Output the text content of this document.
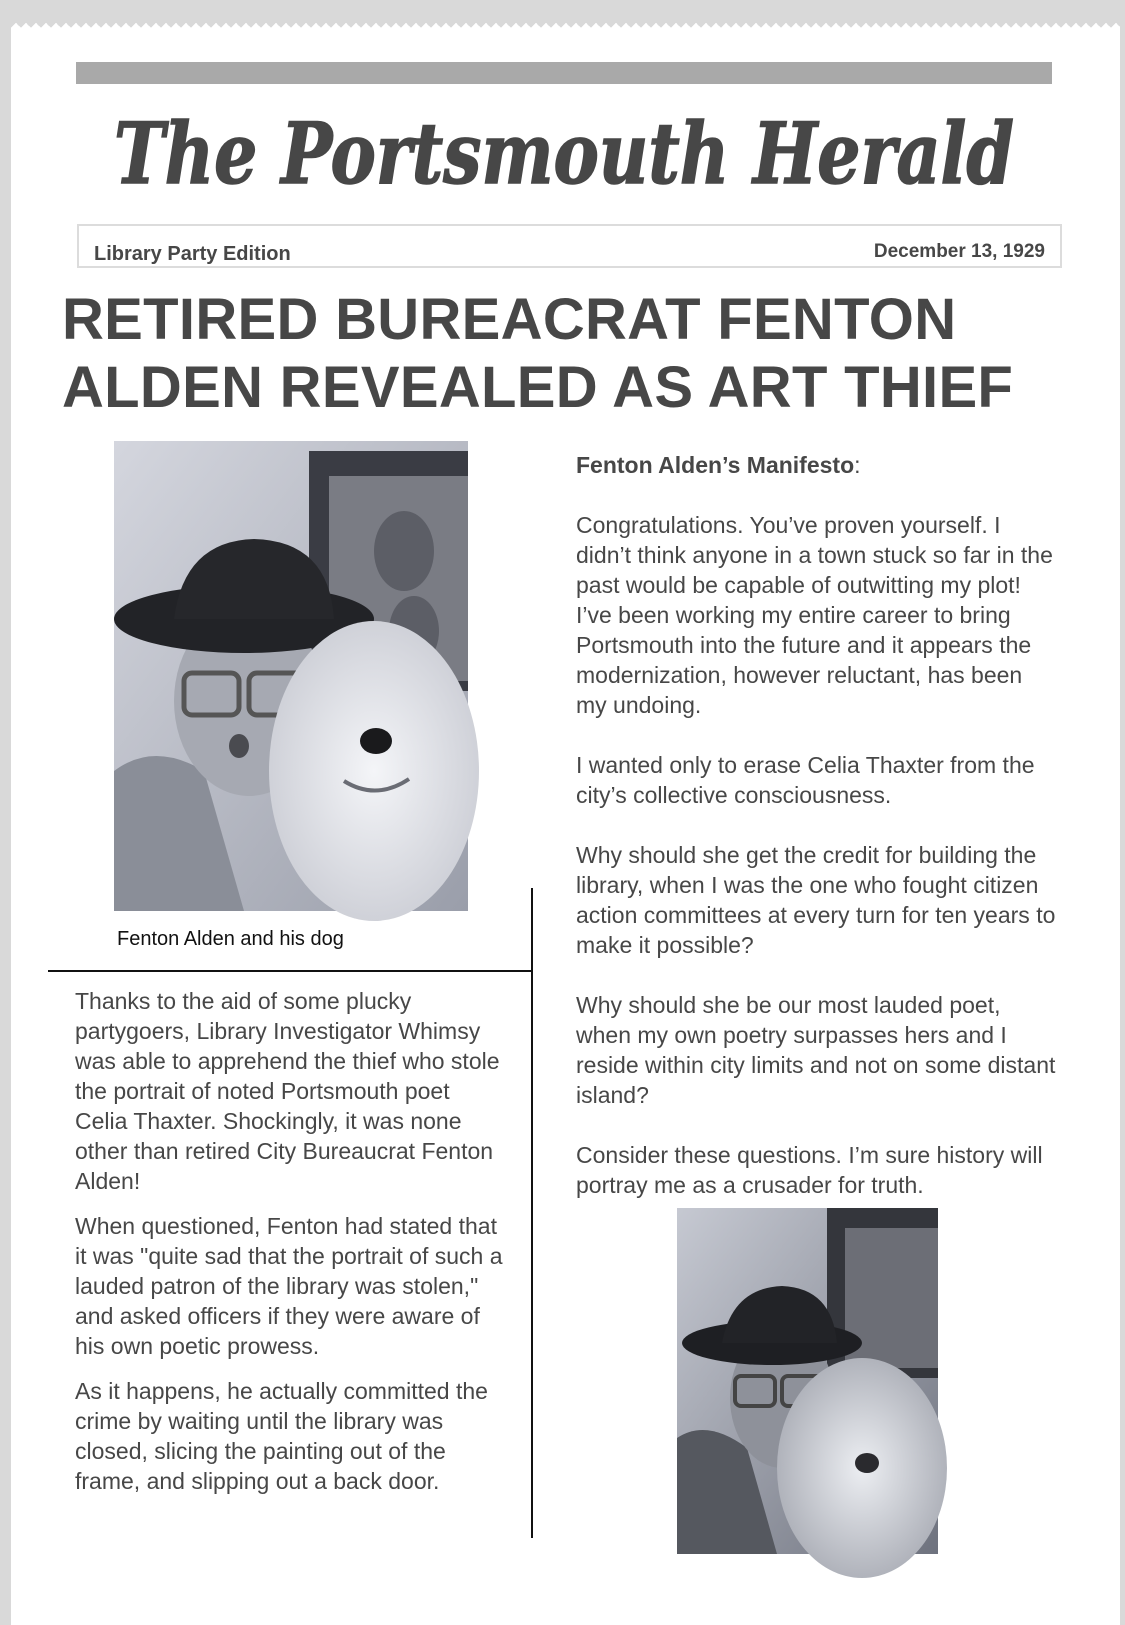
The Portsmouth Herald
Library Party Edition	December 13, 1929
RETIRED BUREACRAT FENTON
ALDEN REVEALED AS ART THIEF

Fenton Alden and his dog

Thanks to the aid of some plucky partygoers, Library Investigator Whimsy was able to apprehend the thief who stole the portrait of noted Portsmouth poet Celia Thaxter. Shockingly, it was none other than retired City Bureaucrat Fenton Alden!

When questioned, Fenton had stated that it was "quite sad that the portrait of such a lauded patron of the library was stolen," and asked officers if they were aware of his own poetic prowess.

As it happens, he actually committed the crime by waiting until the library was closed, slicing the painting out of the frame, and slipping out a back door.

Fenton Alden’s Manifesto:

Congratulations. You’ve proven yourself. I didn’t think anyone in a town stuck so far in the past would be capable of outwitting my plot! I’ve been working my entire career to bring Portsmouth into the future and it appears the modernization, however reluctant, has been my undoing.

I wanted only to erase Celia Thaxter from the city’s collective consciousness.

Why should she get the credit for building the library, when I was the one who fought citizen action committees at every turn for ten years to make it possible?

Why should she be our most lauded poet, when my own poetry surpasses hers and I reside within city limits and not on some distant island?

Consider these questions. I’m sure history will portray me as a crusader for truth.
